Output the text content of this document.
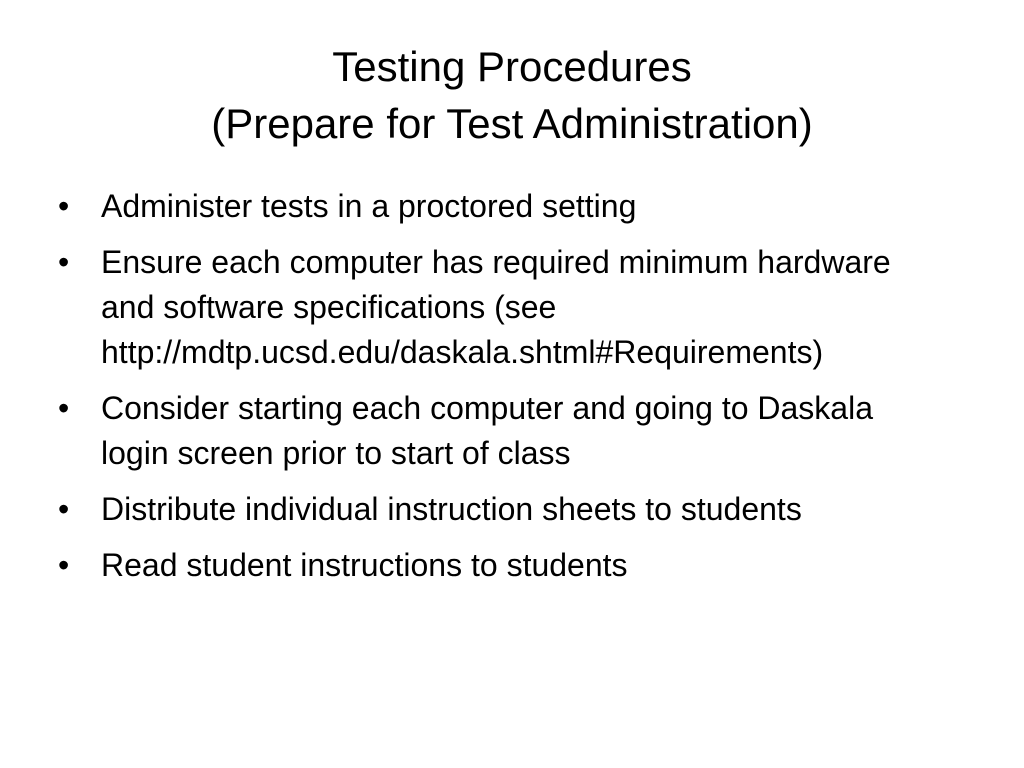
Testing Procedures
(Prepare for Test Administration)
• Administer tests in a proctored setting
• Ensure each computer has required minimum hardware and software specifications (see http://mdtp.ucsd.edu/daskala.shtml#Requirements)
• Consider starting each computer and going to Daskala login screen prior to start of class
• Distribute individual instruction sheets to students
• Read student instructions to students
